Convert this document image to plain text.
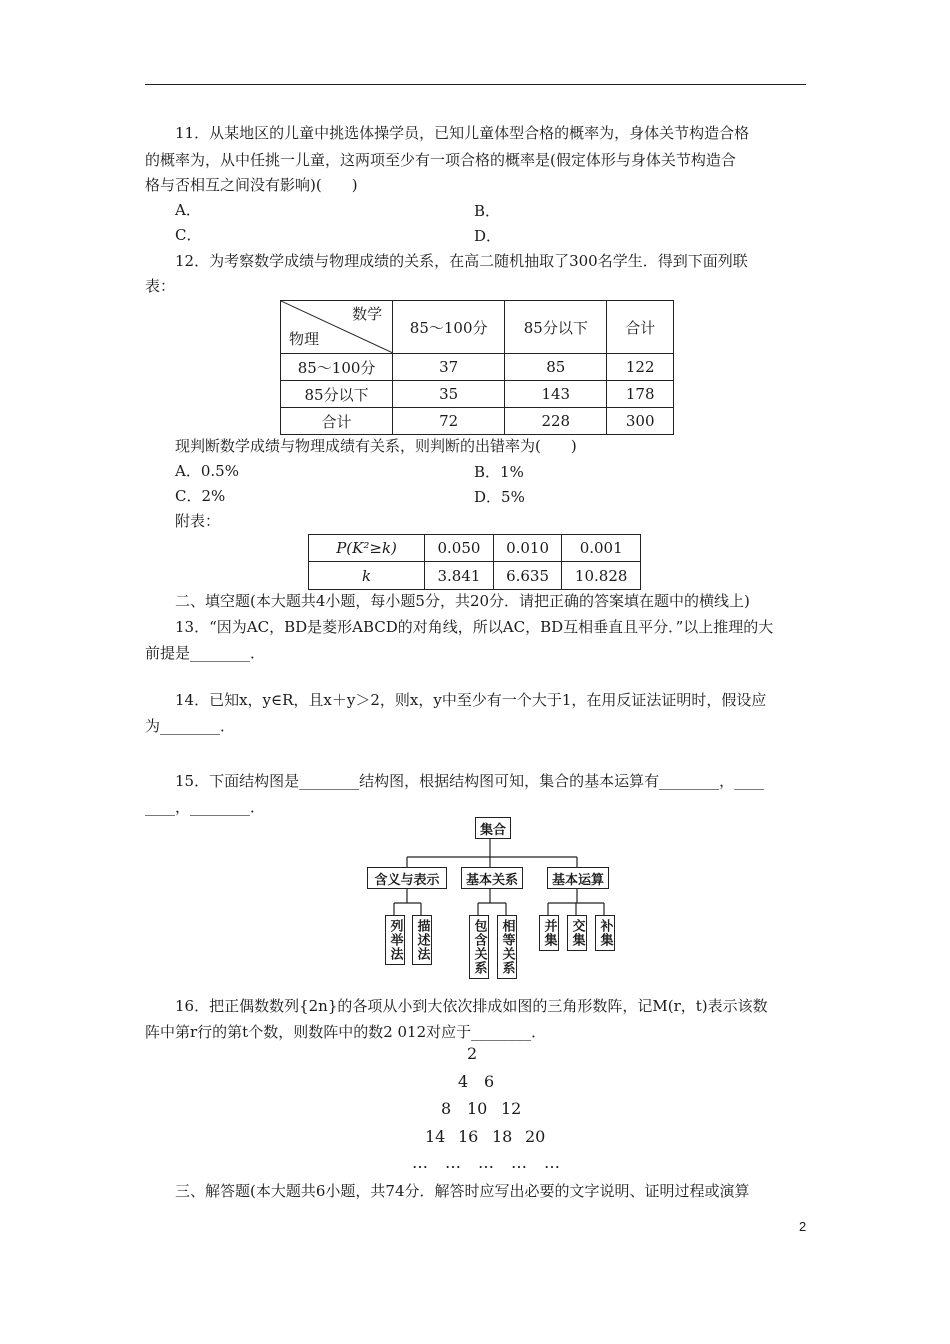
11．从某地区的儿童中挑选体操学员，已知儿童体型合格的概率为，身体关节构造合格
的概率为，从中任挑一儿童，这两项至少有一项合格的概率是(假定体形与身体关节构造合
格与否相互之间没有影响)(　　)
A．	B．
C．	D．
12．为考察数学成绩与物理成绩的关系，在高二随机抽取了300名学生．得到下面列联
表：
数学
物理	85～100分	85分以下	合计
85～100分	37	85	122
85分以下	35	143	178
合计	72	228	300
现判断数学成绩与物理成绩有关系，则判断的出错率为(　　)
A．0.5%	B．1%
C．2%	D．5%
附表：
P(K²≥k)	0.050	0.010	0.001
k	3.841	6.635	10.828
二、填空题(本大题共4小题，每小题5分，共20分．请把正确的答案填在题中的横线上)
13．“因为AC，BD是菱形ABCD的对角线，所以AC，BD互相垂直且平分．”以上推理的大
前提是________．
14．已知x，y∈R，且x＋y＞2，则x，y中至少有一个大于1，在用反证法证明时，假设应
为________．
15．下面结构图是________结构图，根据结构图可知，集合的基本运算有________，____
____，________．
集合
含义与表示	基本关系	基本运算
列举法 描述法	包含关系 相等关系 并集 交集 补集
16．把正偶数数列{2n}的各项从小到大依次排成如图的三角形数阵，记M(r，t)表示该数
阵中第r行的第t个数，则数阵中的数2 012对应于________．
2
4 6
8 10 12
14 16 18 20
… … … … …
三、解答题(本大题共6小题，共74分．解答时应写出必要的文字说明、证明过程或演算
2
